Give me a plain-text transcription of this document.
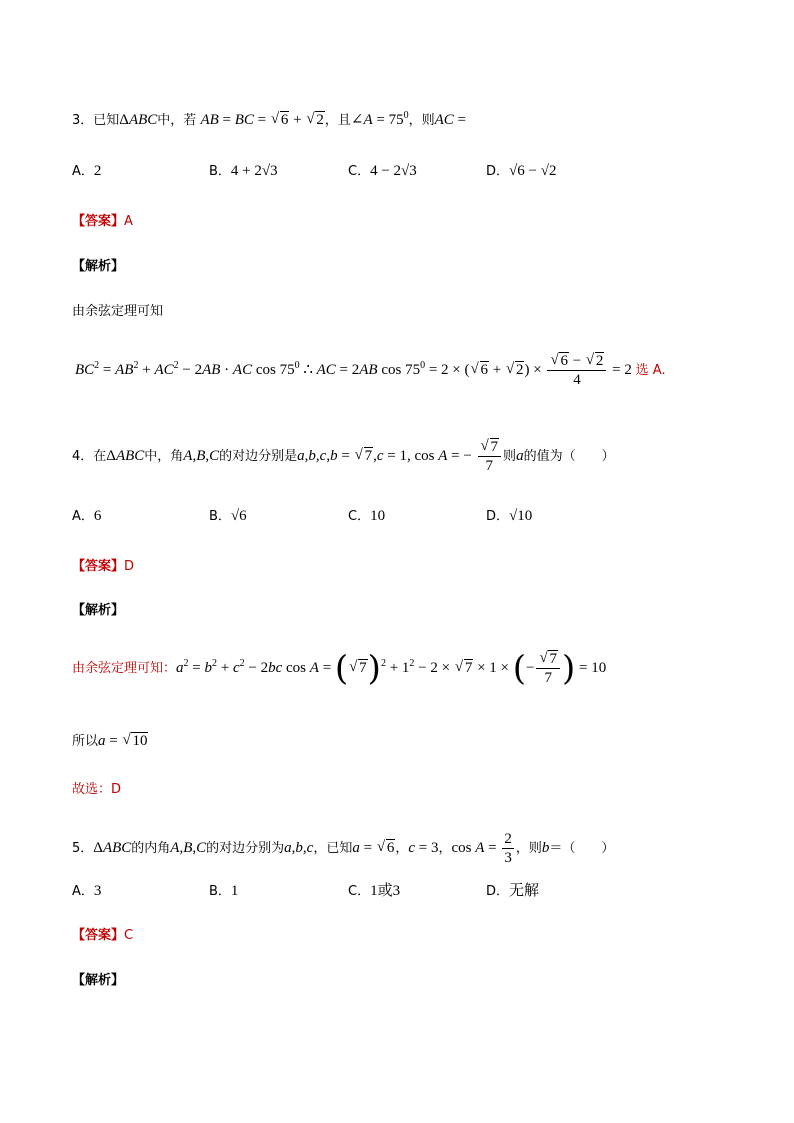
3．已知ΔABC中，若 AB = BC = √ 6 + √ 2，且∠A = $75^0$，则AC =
A．2	B．4 + 2√3	C．4 − 2√3	D．√6 − √2
【答案】A
【解析】
由余弦定理可知
$BC^2 = AB^2 + AC^2 - 2AB$ · AC $\cos 75^0$ ∴ AC = 2AB $\cos 75^0 = 2$ × ( √ 6 + √ 2) × √ $\frac{6 - √ 2}{4} = 2$ 选 A.
4．在ΔABC中，角A,B,C的对边分别是a,b,c,b = √ 7,c = 1, cos A = − √ $\frac{7}{7}$ 则a的值为（　　）
A．6	B．√6	C．10	D．√10
【答案】D
【解析】
由余弦定理可知：$a^2 = b^2 + c^2 - 2bc$ cos A = ( √ $7)^2 + 1^2 - 2$ × √ 7 × 1 × (− √ $\frac{7}{7}$ ) = 10
所以a = √ 10
故选：D
5．ΔABC的内角A,B,C的对边分别为a,b,c，已知a = √ 6，c = 3，$\cos A = \frac{2}{3}$ ，则b＝（　　）
A．3	B．1	C．1或3	D．无解
【答案】C
【解析】
